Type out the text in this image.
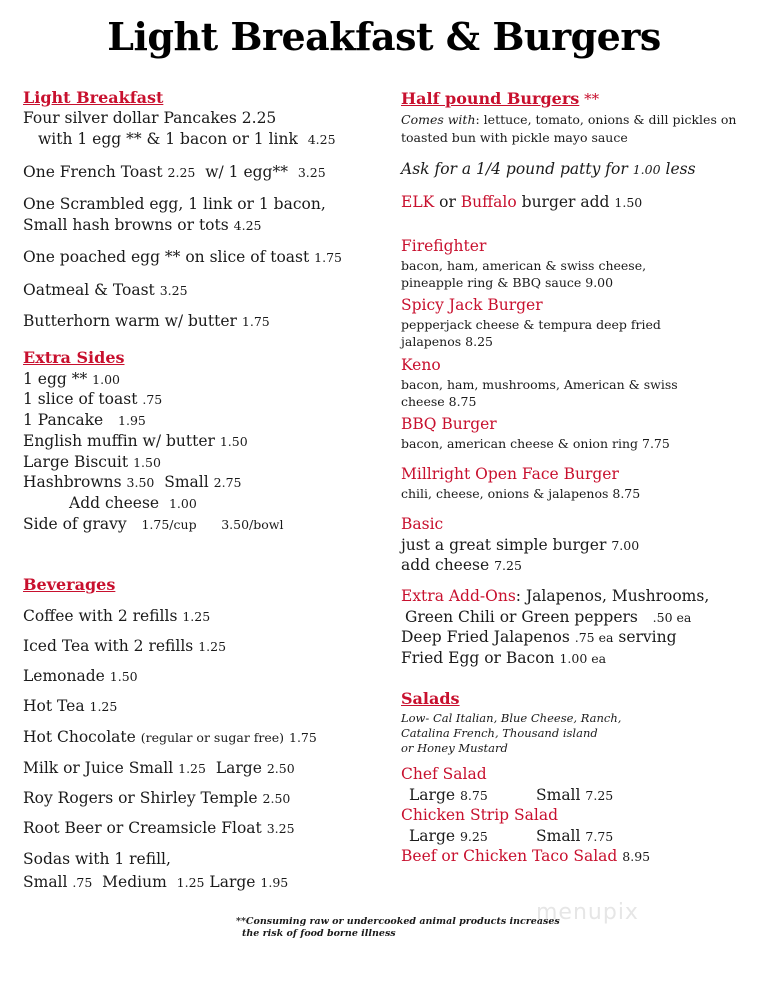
Light Breakfast & Burgers
Light Breakfast
Four silver dollar Pancakes 2.25
with 1 egg ** & 1 bacon or 1 link 4.25
One French Toast 2.25 w/ 1 egg** 3.25
One Scrambled egg, 1 link or 1 bacon,
Small hash browns or tots 4.25
One poached egg ** on slice of toast 1.75
Oatmeal & Toast 3.25
Butterhorn warm w/ butter 1.75
Extra Sides
1 egg ** 1.00
1 slice of toast .75
1 Pancake 1.95
English muffin w/ butter 1.50
Large Biscuit 1.50
Hashbrowns 3.50 Small 2.75
Add cheese 1.00
Side of gravy 1.75/cup 3.50/bowl
Beverages
Coffee with 2 refills 1.25
Iced Tea with 2 refills 1.25
Lemonade 1.50
Hot Tea 1.25
Hot Chocolate (regular or sugar free) 1.75
Milk or Juice Small 1.25 Large 2.50
Roy Rogers or Shirley Temple 2.50
Root Beer or Creamsicle Float 3.25
Sodas with 1 refill,
Small .75 Medium 1.25 Large 1.95
Half pound Burgers **
Comes with: lettuce, tomato, onions & dill pickles on
toasted bun with pickle mayo sauce
Ask for a 1/4 pound patty for 1.00 less
ELK or Buffalo burger add 1.50
Firefighter
bacon, ham, american & swiss cheese,
pineapple ring & BBQ sauce 9.00
Spicy Jack Burger
pepperjack cheese & tempura deep fried
jalapenos 8.25
Keno
bacon, ham, mushrooms, American & swiss
cheese 8.75
BBQ Burger
bacon, american cheese & onion ring 7.75
Millright Open Face Burger
chili, cheese, onions & jalapenos 8.75
Basic
just a great simple burger 7.00
add cheese 7.25
Extra Add-Ons: Jalapenos, Mushrooms,
Green Chili or Green peppers .50 ea
Deep Fried Jalapenos .75 ea serving
Fried Egg or Bacon 1.00 ea
Salads
Low- Cal Italian, Blue Cheese, Ranch,
Catalina French, Thousand island
or Honey Mustard
Chef Salad
Large 8.75	Small 7.25
Chicken Strip Salad
Large 9.25	Small 7.75
Beef or Chicken Taco Salad 8.95
menupix
**Consuming raw or undercooked animal products increases
the risk of food borne illness
